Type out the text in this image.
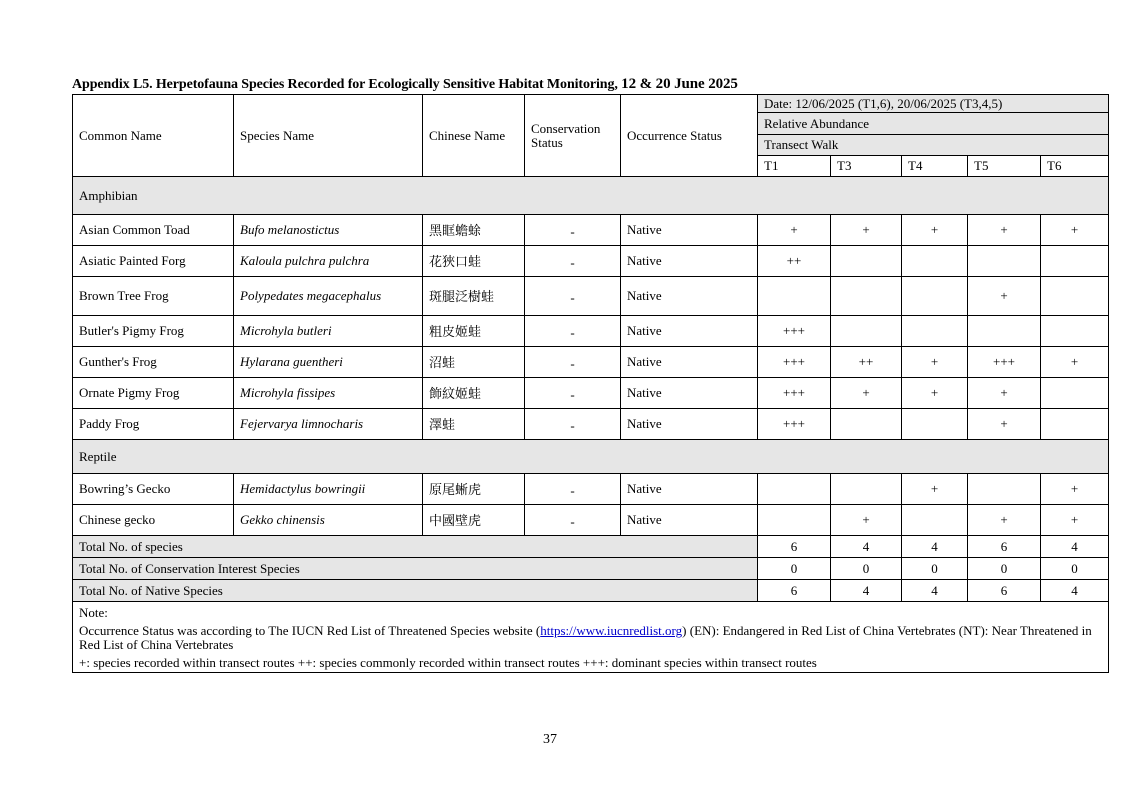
Appendix L5. Herpetofauna Species Recorded for Ecologically Sensitive Habitat Monitoring, 12 & 20 June 2025
Common Name	Species Name	Chinese Name	Conservation Status	Occurrence Status	Date: 12/06/2025 (T1,6), 20/06/2025 (T3,4,5)				
					Relative Abundance				
					Transect Walk				
					T1	T3	T4	T5	T6
Amphibian									
Asian Common Toad	Bufo melanostictus	黑眶蟾蜍	-	Native	+	+	+	+	+
Asiatic Painted Forg	Kaloula pulchra pulchra	花狹口蛙	-	Native	++				
Brown Tree Frog	Polypedates megacephalus	斑腿泛樹蛙	-	Native				+	
Butler's Pigmy Frog	Microhyla butleri	粗皮姬蛙	-	Native	+++				
Gunther's Frog	Hylarana guentheri	沼蛙	-	Native	+++	++	+	+++	+
Ornate Pigmy Frog	Microhyla fissipes	飾紋姬蛙	-	Native	+++	+	+	+	
Paddy Frog	Fejervarya limnocharis	澤蛙	-	Native	+++			+	
Reptile									
Bowring’s Gecko	Hemidactylus bowringii	原尾蜥虎	-	Native			+		+
Chinese gecko	Gekko chinensis	中國壁虎	-	Native		+		+	+
Total No. of species					6	4	4	6	4
Total No. of Conservation Interest Species					0	0	0	0	0
Total No. of Native Species					6	4	4	6	4

Note:

Occurrence Status was according to The IUCN Red List of Threatened Species website (https://www.iucnredlist.org) (EN): Endangered in Red List of China Vertebrates (NT): Near Threatened in Red List of China Vertebrates

+: species recorded within transect routes ++: species commonly recorded within transect routes +++: dominant species within transect routes									

37
